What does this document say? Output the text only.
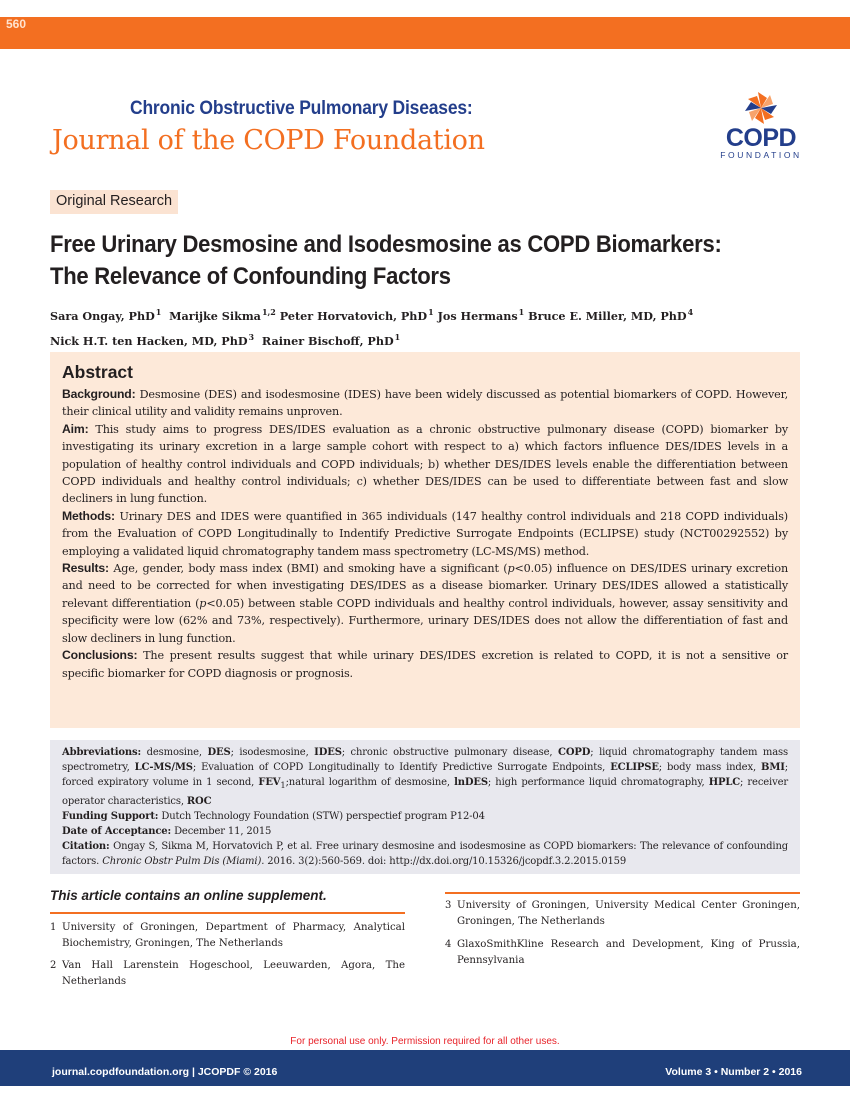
560
Chronic Obstructive Pulmonary Diseases:
Journal of the COPD Foundation	COPD
FOUNDATION
Original Research
Free Urinary Desmosine and Isodesmosine as COPD Biomarkers:
The Relevance of Confounding Factors
Sara Ongay, PhD$^1$ Marijke Sikma$^{1,2}$ Peter Horvatovich, PhD$^1$ Jos Hermans$^1$ Bruce E. Miller, MD, PhD$^4$
Nick H.T. ten Hacken, MD, PhD$^3$ Rainer Bischoff, PhD$^1$
Abstract

Background: Desmosine (DES) and isodesmosine (IDES) have been widely discussed as potential biomarkers of COPD. However, their clinical utility and validity remains unproven.

Aim: This study aims to progress DES/IDES evaluation as a chronic obstructive pulmonary disease (COPD) biomarker by investigating its urinary excretion in a large sample cohort with respect to a) which factors influence DES/IDES levels in a population of healthy control individuals and COPD individuals; b) whether DES/IDES levels enable the differentiation between COPD individuals and healthy control individuals; c) whether DES/IDES can be used to differentiate between fast and slow decliners in lung function.

Methods: Urinary DES and IDES were quantified in 365 individuals (147 healthy control individuals and 218 COPD individuals) from the Evaluation of COPD Longitudinally to Indentify Predictive Surrogate Endpoints (ECLIPSE) study (NCT00292552) by employing a validated liquid chromatography tandem mass spectrometry (LC-MS/MS) method.

Results: Age, gender, body mass index (BMI) and smoking have a significant (p<0.05) influence on DES/IDES urinary excretion and need to be corrected for when investigating DES/IDES as a disease biomarker. Urinary DES/IDES allowed a statistically relevant differentiation (p<0.05) between stable COPD individuals and healthy control individuals, however, assay sensitivity and specificity were low (62% and 73%, respectively). Furthermore, urinary DES/IDES does not allow the differentiation of fast and slow decliners in lung function.

Conclusions: The present results suggest that while urinary DES/IDES excretion is related to COPD, it is not a sensitive or specific biomarker for COPD diagnosis or prognosis.

Abbreviations: desmosine, DES; isodesmosine, IDES; chronic obstructive pulmonary disease, COPD; liquid chromatography tandem mass spectrometry, LC-MS/MS; Evaluation of COPD Longitudinally to Identify Predictive Surrogate Endpoints, ECLIPSE; body mass index, BMI; forced expiratory volume in 1 second, $FEV_1;natural$ logarithm of desmosine, lnDES; high performance liquid chromatography, HPLC; receiver operator characteristics, ROC

Funding Support: Dutch Technology Foundation (STW) perspectief program P12-04

Date of Acceptance: December 11, 2015

Citation: Ongay S, Sikma M, Horvatovich P, et al. Free urinary desmosine and isodesmosine as COPD biomarkers: The relevance of confounding factors. Chronic Obstr Pulm Dis (Miami). 2016. 3(2):560-569. doi: http://dx.doi.org/10.15326/jcopdf.3.2.2015.0159

This article contains an online supplement.
1 University of Groningen, Department of Pharmacy, Analytical Biochemistry, Groningen, The Netherlands
2 Van Hall Larenstein Hogeschool, Leeuwarden, Agora, The Netherlands
3 University of Groningen, University Medical Center Groningen, Groningen, The Netherlands
4 GlaxoSmithKline Research and Development, King of Prussia, Pennsylvania
For personal use only. Permission required for all other uses.
journal.copdfoundation.org | JCOPDF © 2016	Volume 3 • Number 2 • 2016
